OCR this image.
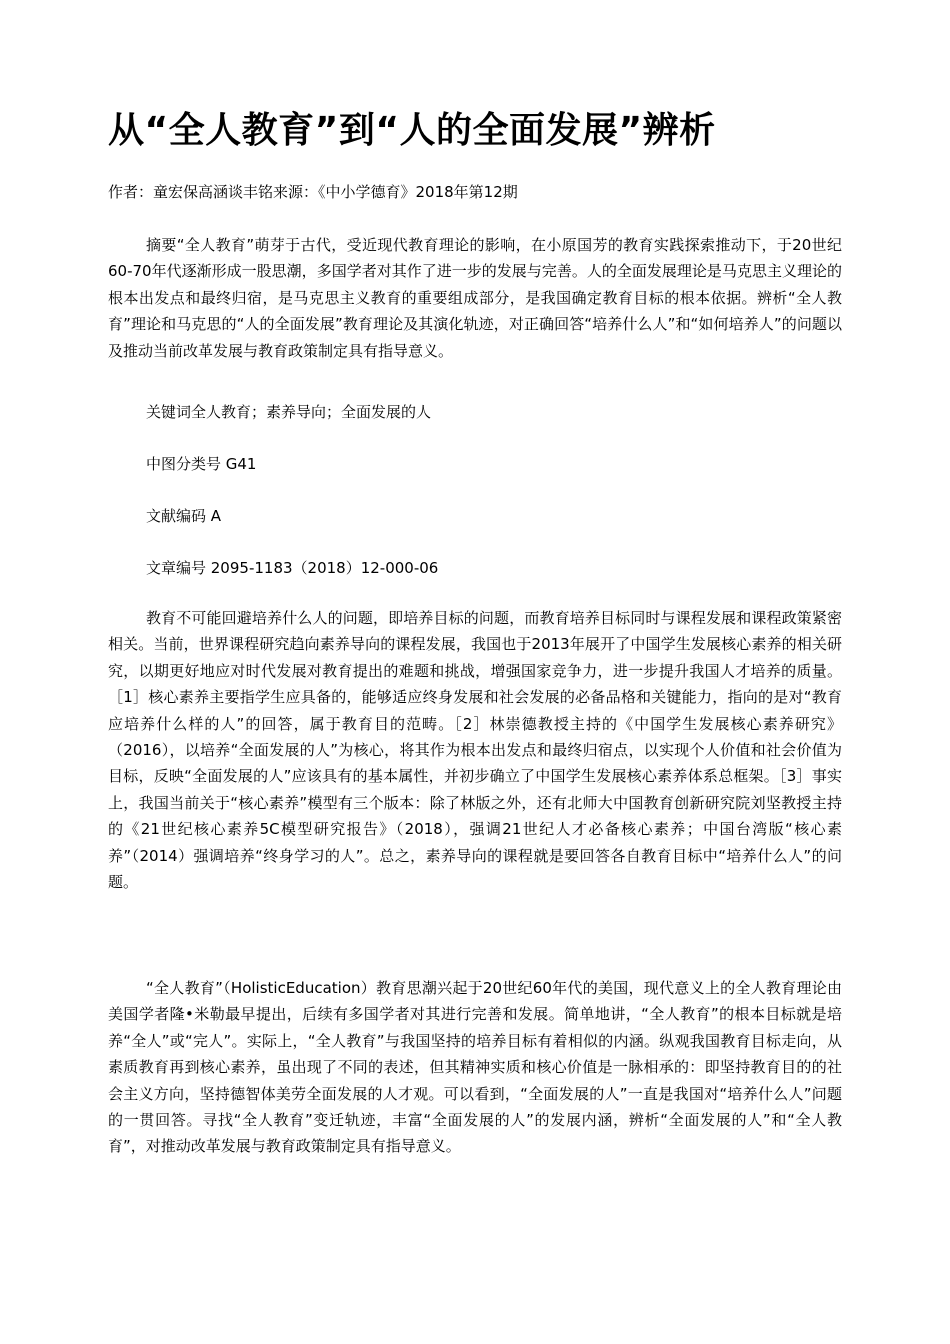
从“全人教育”到“人的全面发展”辨析

作者：童宏保高涵谈丰铭来源：《中小学德育》2018年第12期

摘要“全人教育”萌芽于古代，受近现代教育理论的影响，在小原国芳的教育实践探索推动下，于20世纪60-70年代逐渐形成一股思潮，多国学者对其作了进一步的发展与完善。人的全面发展理论是马克思主义理论的根本出发点和最终归宿，是马克思主义教育的重要组成部分，是我国确定教育目标的根本依据。辨析“全人教育”理论和马克思的“人的全面发展”教育理论及其演化轨迹，对正确回答“培养什么人”和“如何培养人”的问题以及推动当前改革发展与教育政策制定具有指导意义。

关键词全人教育；素养导向；全面发展的人

中图分类号 G41

文献编码 A

文章编号 2095-1183（2018）12-000-06

教育不可能回避培养什么人的问题，即培养目标的问题，而教育培养目标同时与课程发展和课程政策紧密相关。当前，世界课程研究趋向素养导向的课程发展，我国也于2013年展开了中国学生发展核心素养的相关研究，以期更好地应对时代发展对教育提出的难题和挑战，增强国家竞争力，进一步提升我国人才培养的质量。［1］核心素养主要指学生应具备的，能够适应终身发展和社会发展的必备品格和关键能力，指向的是对“教育应培养什么样的人”的回答，属于教育目的范畴。［2］林崇德教授主持的《中国学生发展核心素养研究》（2016），以培养“全面发展的人”为核心，将其作为根本出发点和最终归宿点，以实现个人价值和社会价值为目标，反映“全面发展的人”应该具有的基本属性，并初步确立了中国学生发展核心素养体系总框架。［3］事实上，我国当前关于“核心素养”模型有三个版本：除了林版之外，还有北师大中国教育创新研究院刘坚教授主持的《21世纪核心素养5C模型研究报告》（2018），强调21世纪人才必备核心素养；中国台湾版“核心素养”（2014）强调培养“终身学习的人”。总之，素养导向的课程就是要回答各自教育目标中“培养什么人”的问题。

“全人教育”（HolisticEducation）教育思潮兴起于20世纪60年代的美国，现代意义上的全人教育理论由美国学者隆•米勒最早提出，后续有多国学者对其进行完善和发展。简单地讲，“全人教育”的根本目标就是培养“全人”或“完人”。实际上，“全人教育”与我国坚持的培养目标有着相似的内涵。纵观我国教育目标走向，从素质教育再到核心素养，虽出现了不同的表述，但其精神实质和核心价值是一脉相承的：即坚持教育目的的社会主义方向，坚持德智体美劳全面发展的人才观。可以看到，“全面发展的人”一直是我国对“培养什么人”问题的一贯回答。寻找“全人教育”变迁轨迹，丰富“全面发展的人”的发展内涵，辨析“全面发展的人”和“全人教育”，对推动改革发展与教育政策制定具有指导意义。
